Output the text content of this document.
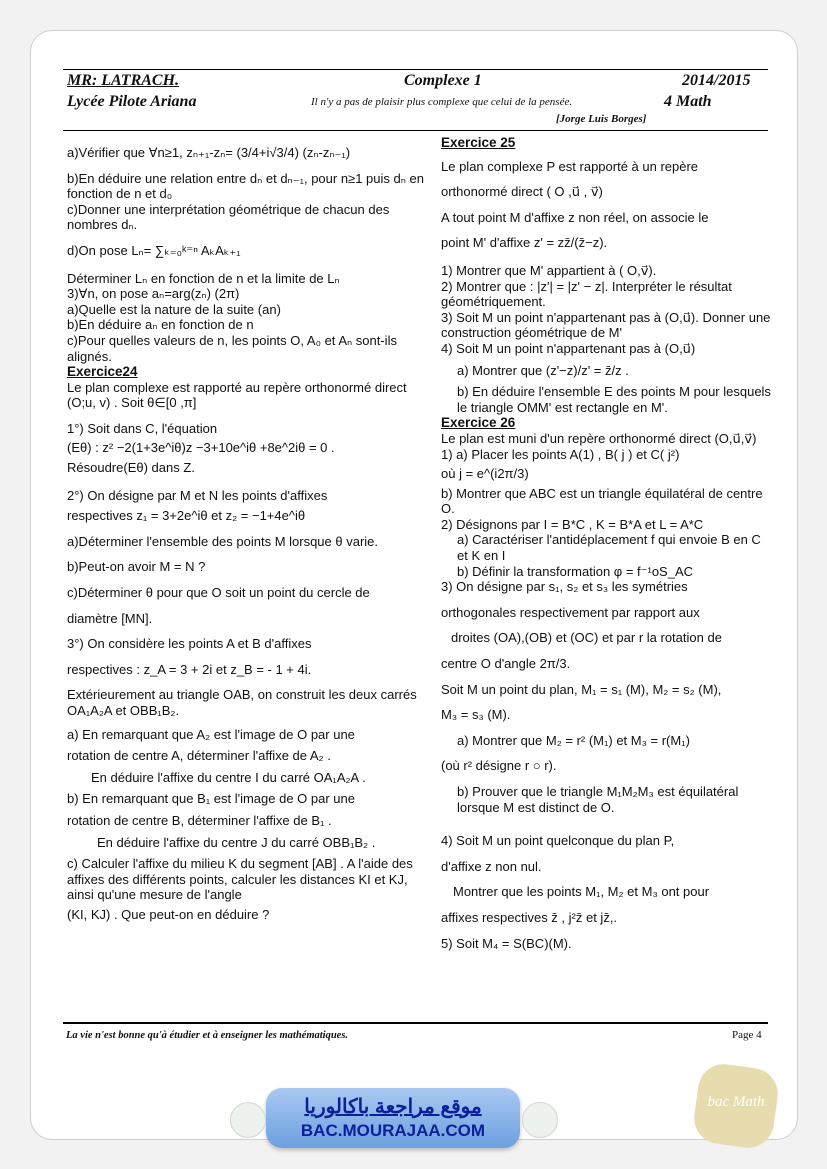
MR: LATRACH.
Lycée Pilote Ariana
Complexe 1
Il n'y a pas de plaisir plus complexe que celui de la pensée.
[Jorge Luis Borges]
2014/2015
4 Math

a)Vérifier que ∀n≥1, zₙ₊₁-zₙ= (3/4+i√3/4) (zₙ-zₙ₋₁)

b)En déduire une relation entre dₙ et dₙ₋₁, pour n≥1 puis dₙ en fonction de n et d₀

c)Donner une interprétation géométrique de chacun des nombres dₙ.

d)On pose Lₙ= ∑ₖ₌₀ᵏ⁼ⁿ AₖAₖ₊₁

Déterminer Lₙ en fonction de n et la limite de Lₙ

3)∀n, on pose aₙ=arg(zₙ) (2π)

a)Quelle est la nature de la suite (an)

b)En déduire aₙ en fonction de n

c)Pour quelles valeurs de n, les points O, A₀ et Aₙ sont-ils alignés.

Exercice24

Le plan complexe est rapporté au repère orthonormé direct (O;u, v) . Soit θ∈[0 ,π]

1°) Soit dans C, l'équation

(Eθ) : z² −2(1+3e^iθ)z −3+10e^iθ +8e^2iθ = 0 .

Résoudre(Eθ) dans Z.

2°) On désigne par M et N les points d'affixes

respectives z₁ = 3+2e^iθ et z₂ = −1+4e^iθ

a)Déterminer l'ensemble des points M lorsque θ varie.

b)Peut-on avoir M = N ?

c)Déterminer θ pour que O soit un point du cercle de

diamètre [MN].

3°) On considère les points A et B d'affixes

respectives : z_A = 3 + 2i et z_B = - 1 + 4i.

Extérieurement au triangle OAB, on construit les deux carrés OA₁A₂A et OBB₁B₂.

a) En remarquant que A₂ est l'image de O par une

rotation de centre A, déterminer l'affixe de A₂ .

En déduire l'affixe du centre I du carré OA₁A₂A .

b) En remarquant que B₁ est l'image de O par une

rotation de centre B, déterminer l'affixe de B₁ .

En déduire l'affixe du centre J du carré OBB₁B₂ .

c) Calculer l'affixe du milieu K du segment [AB] . A l'aide des affixes des différents points, calculer les distances KI et KJ, ainsi qu'une mesure de l'angle

(KI, KJ) . Que peut-on en déduire ?

Exercice 25

Le plan complexe P est rapporté à un repère

orthonormé direct ( O ,u⃗ , v⃗)

A tout point M d'affixe z non réel, on associe le

point M' d'affixe z' = zz̄/(z̄−z).

1) Montrer que M' appartient à ( O,v⃗).

2) Montrer que : |z'| = |z' − z|. Interpréter le résultat géométriquement.

3) Soit M un point n'appartenant pas à (O,u⃗). Donner une construction géométrique de M'

4) Soit M un point n'appartenant pas à (O,u⃗)

a) Montrer que (z'−z)/z' = z̄/z .

b) En déduire l'ensemble E des points M pour lesquels le triangle OMM' est rectangle en M'.

Exercice 26

Le plan est muni d'un repère orthonormé direct (O,u⃗,v⃗)

1) a) Placer les points A(1) , B( j ) et C( j²)

où j = e^(i2π/3)

b) Montrer que ABC est un triangle équilatéral de centre O.

2) Désignons par I = B*C , K = B*A et L = A*C

a) Caractériser l'antidéplacement f qui envoie B en C et K en I

b) Définir la transformation φ = f⁻¹oS_AC

3) On désigne par s₁, s₂ et s₃ les symétries

orthogonales respectivement par rapport aux

droites (OA),(OB) et (OC) et par r la rotation de

centre O d'angle 2π/3.

Soit M un point du plan, M₁ = s₁ (M), M₂ = s₂ (M),

M₃ = s₃ (M).

a) Montrer que M₂ = r² (M₁) et M₃ = r(M₁)

(où r² désigne r ○ r).

b) Prouver que le triangle M₁M₂M₃ est équilatéral lorsque M est distinct de O.

4) Soit M un point quelconque du plan P,

d'affixe z non nul.

Montrer que les points M₁, M₂ et M₃ ont pour

affixes respectives z̄ , j²z̄ et jz̄,.

5) Soit M₄ = S(BC)(M).

La vie n'est bonne qu'à étudier et à enseigner les mathématiques.	Page 4
موقع مراجعة باكالوريا
BAC.MOURAJAA.COM
bac Math
